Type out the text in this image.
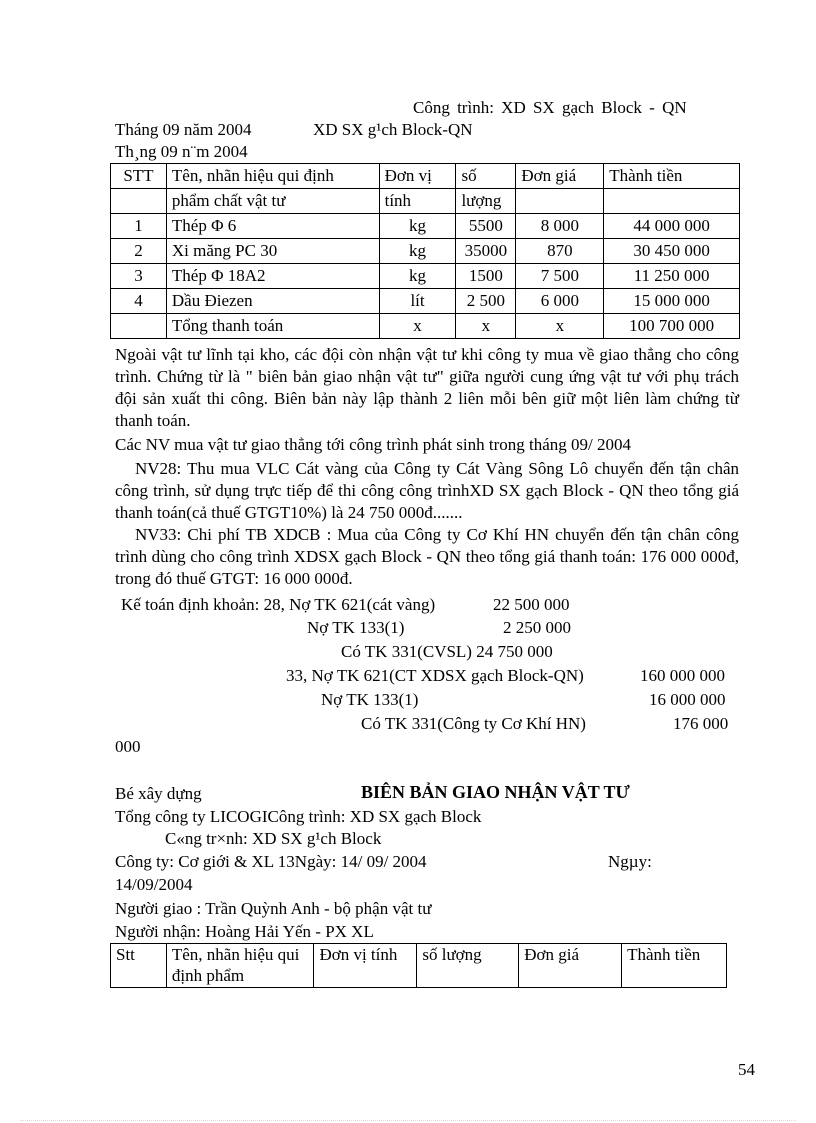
Công trình: XD SX gạch Block - QN
Tháng 09 năm 2004	XD SX g¹ch Block-QN
Th¸ng 09 n¨m 2004
STT	Tên, nhãn hiệu qui định	Đơn vị	số	Đơn giá	Thành tiền
	phẩm chất vật tư	tính	lượng		
1	Thép Φ 6	kg	5500	8 000	44 000 000
2	Xi măng PC 30	kg	35000	870	30 450 000
3	Thép Φ 18A2	kg	1500	7 500	11 250 000
4	Dầu Điezen	lít	2 500	6 000	15 000 000
	Tổng thanh toán	x	x	x	100 700 000
Ngoài vật tư lĩnh tại kho, các đội còn nhận vật tư khi công ty mua về giao thẳng cho công trình. Chứng từ là " biên bản giao nhận vật tư" giữa người cung ứng vật tư với phụ trách đội sản xuất thi công. Biên bản này lập thành 2 liên mỗi bên giữ một liên làm chứng từ thanh toán.
Các NV mua vật tư giao thẳng tới công trình phát sinh trong tháng 09/ 2004
NV28: Thu mua VLC Cát vàng của Công ty Cát Vàng Sông Lô chuyển đến tận chân công trình, sử dụng trực tiếp để thi công công trìnhXD SX gạch Block - QN theo tổng giá thanh toán(cả thuế GTGT10%) là 24 750 000đ.......
NV33: Chi phí TB XDCB : Mua của Công ty Cơ Khí HN chuyển đến tận chân công trình dùng cho công trình XDSX gạch Block - QN theo tổng giá thanh toán: 176 000 000đ, trong đó thuế GTGT: 16 000 000đ.
Kế toán định khoản: 28, Nợ TK 621(cát vàng)	22 500 000
Nợ TK 133(1)	2 250 000
Có TK 331(CVSL) 24 750 000
33, Nợ TK 621(CT XDSX gạch Block-QN)	160 000 000
Nợ TK 133(1)	16 000 000
Có TK 331(Công ty Cơ Khí HN)	176 000
000
Bé xây dựng	BIÊN BẢN GIAO NHẬN VẬT TƯ
Tổng công ty LICOGICông trình: XD SX gạch Block
C«ng tr×nh: XD SX g¹ch Block
Công ty: Cơ giới & XL 13Ngày: 14/ 09/ 2004	Ngµy:
14/09/2004
Người giao : Trần Quỳnh Anh - bộ phận vật tư
Người nhận: Hoàng Hải Yến - PX XL
Stt	Tên, nhãn hiệu qui định phẩm	Đơn vị tính	số lượng	Đơn giá	Thành tiền
54
